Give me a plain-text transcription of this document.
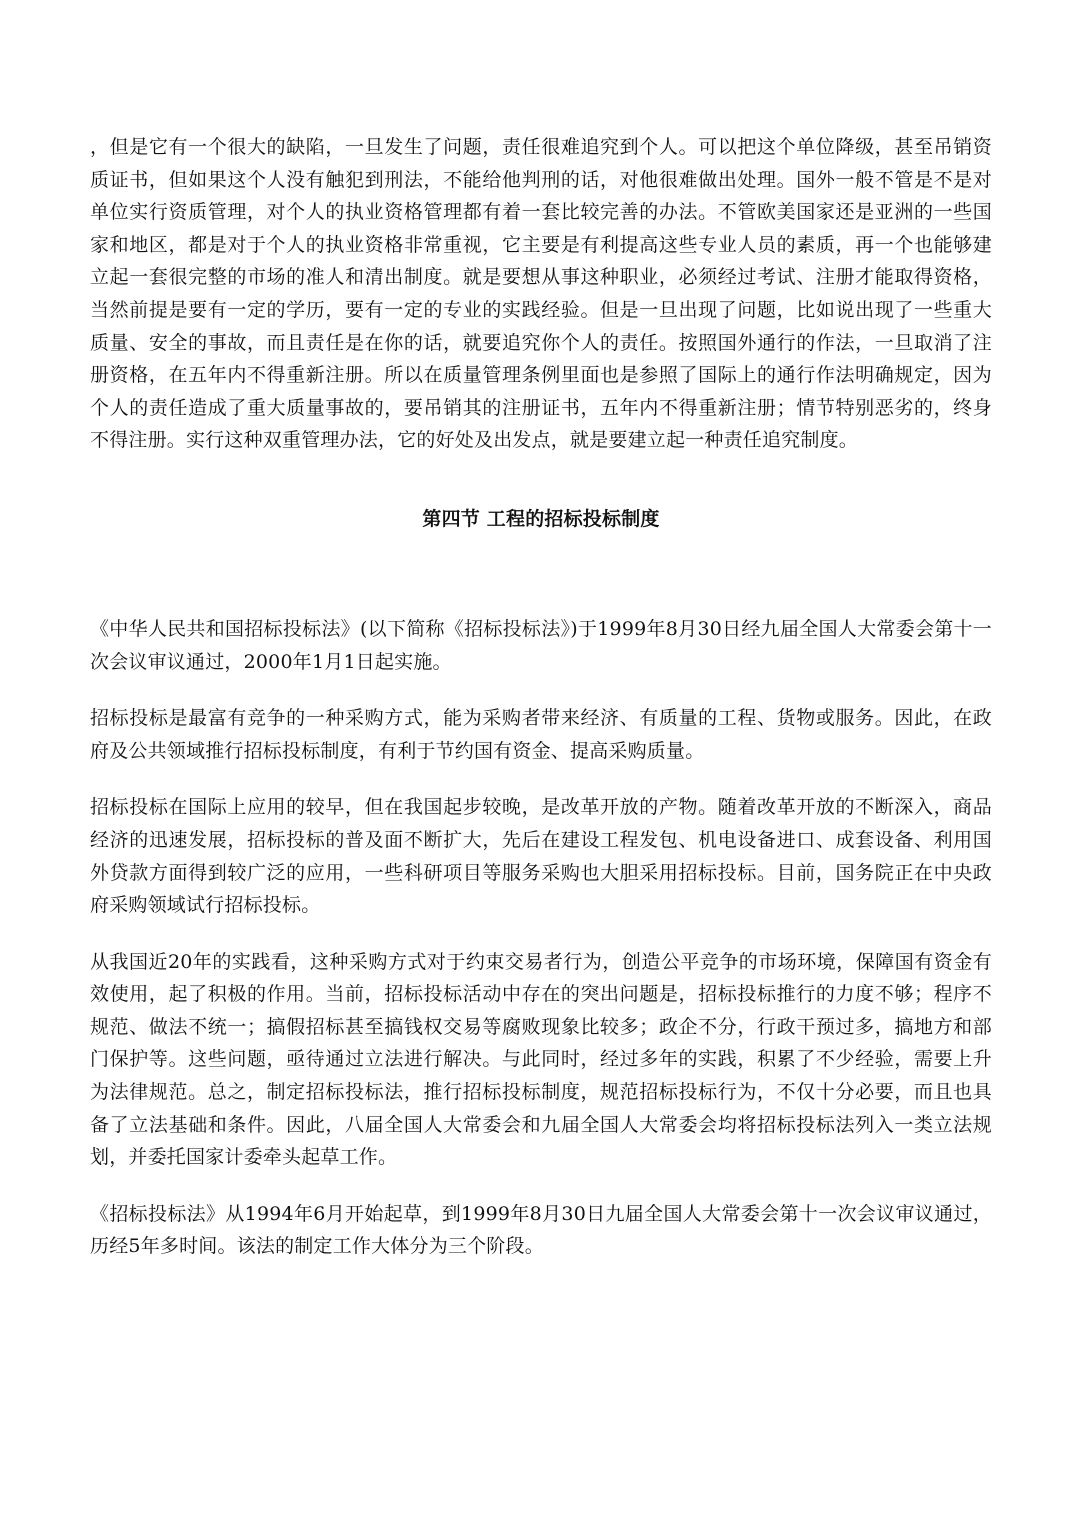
，但是它有一个很大的缺陷，一旦发生了问题，责任很难追究到个人。可以把这个单位降级，甚至吊销资质证书，但如果这个人没有触犯到刑法，不能给他判刑的话，对他很难做出处理。国外一般不管是不是对单位实行资质管理，对个人的执业资格管理都有着一套比较完善的办法。不管欧美国家还是亚洲的一些国家和地区，都是对于个人的执业资格非常重视，它主要是有利提高这些专业人员的素质，再一个也能够建立起一套很完整的市场的准人和清出制度。就是要想从事这种职业，必须经过考试、注册才能取得资格，当然前提是要有一定的学历，要有一定的专业的实践经验。但是一旦出现了问题，比如说出现了一些重大质量、安全的事故，而且责任是在你的话，就要追究你个人的责任。按照国外通行的作法，一旦取消了注册资格，在五年内不得重新注册。所以在质量管理条例里面也是参照了国际上的通行作法明确规定，因为个人的责任造成了重大质量事故的，要吊销其的注册证书，五年内不得重新注册；情节特别恶劣的，终身不得注册。实行这种双重管理办法，它的好处及出发点，就是要建立起一种责任追究制度。

第四节 工程的招标投标制度

《中华人民共和国招标投标法》(以下简称《招标投标法》)于1999年8月30日经九届全国人大常委会第十一次会议审议通过，2000年1月1日起实施。

招标投标是最富有竞争的一种采购方式，能为采购者带来经济、有质量的工程、货物或服务。因此，在政府及公共领域推行招标投标制度，有利于节约国有资金、提高采购质量。

招标投标在国际上应用的较早，但在我国起步较晚，是改革开放的产物。随着改革开放的不断深入，商品经济的迅速发展，招标投标的普及面不断扩大，先后在建设工程发包、机电设备进口、成套设备、利用国外贷款方面得到较广泛的应用，一些科研项目等服务采购也大胆采用招标投标。目前，国务院正在中央政府采购领域试行招标投标。

从我国近20年的实践看，这种采购方式对于约束交易者行为，创造公平竞争的市场环境，保障国有资金有效使用，起了积极的作用。当前，招标投标活动中存在的突出问题是，招标投标推行的力度不够；程序不规范、做法不统一；搞假招标甚至搞钱权交易等腐败现象比较多；政企不分，行政干预过多，搞地方和部门保护等。这些问题，亟待通过立法进行解决。与此同时，经过多年的实践，积累了不少经验，需要上升为法律规范。总之，制定招标投标法，推行招标投标制度，规范招标投标行为，不仅十分必要，而且也具备了立法基础和条件。因此，八届全国人大常委会和九届全国人大常委会均将招标投标法列入一类立法规划，并委托国家计委牵头起草工作。

《招标投标法》从1994年6月开始起草，到1999年8月30日九届全国人大常委会第十一次会议审议通过，历经5年多时间。该法的制定工作大体分为三个阶段。
